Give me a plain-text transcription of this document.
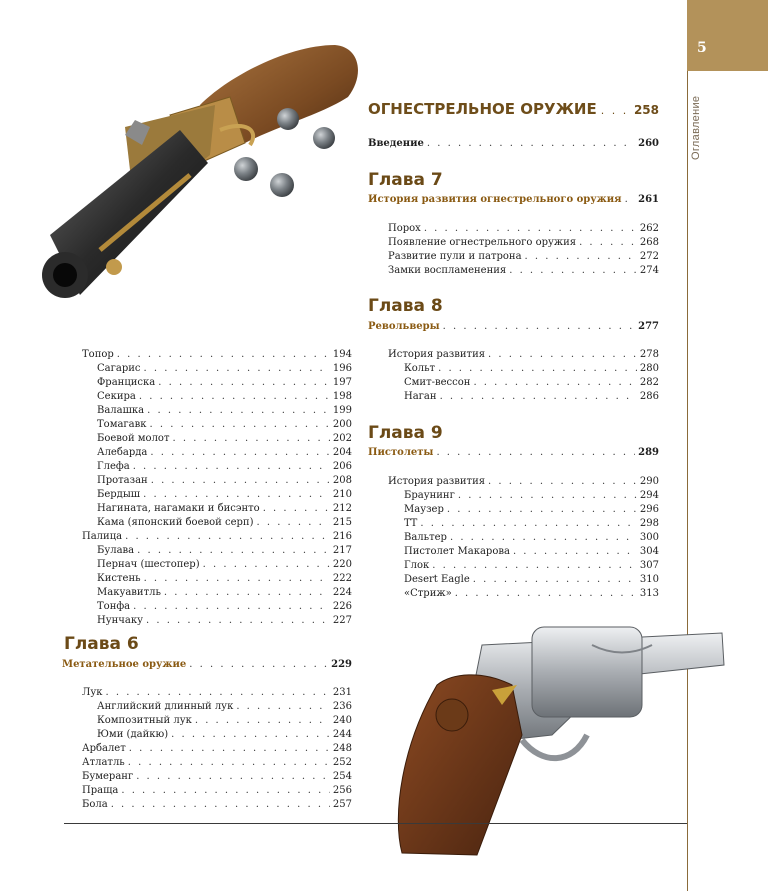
5
Оглавление
ОГНЕСТРЕЛЬНОЕ ОРУЖИЕ . . .	258
Введение . . .	260
Глава 7
История развития огнестрельного оружия . . . 261
Порох . . .	262
Появление огнестрельного оружия . . .	268
Развитие пули и патрона . . .	272
Замки воспламенения . . .	274
Глава 8
Револьверы . . .	277
История развития . . .	278
Кольт . . .	280
Смит-вессон . . .	282
Наган . . .	286
Глава 9
Пистолеты . . .	289
История развития . . .	290
Браунинг . . .	294
Маузер . . .	296
ТТ . . .	298
Вальтер . . .	300
Пистолет Макарова . . .	304
Глок . . .	307
Desert Eagle . . .	310
«Стриж» . . .	313
Топор . . .	194
Сагарис . . .	196
Франциска . . .	197
Секира . . .	198
Валашка . . .	199
Томагавк . . .	200
Боевой молот . . .	202
Алебарда . . .	204
Глефа . . .	206
Протазан . . .	208
Бердыш . . .	210
Нагината, нагамаки и бисэнто . . .	212
Кама (японский боевой серп) . . .	215
Палица . . .	216
Булава . . .	217
Пернач (шестопер) . . .	220
Кистень . . .	222
Макуавитль . . .	224
Тонфа . . .	226
Нунчаку . . .	227
Глава 6
Метательное оружие . . .	229
Лук . . .	231
Английский длинный лук . . .	236
Композитный лук . . .	240
Юми (дайкю) . . .	244
Арбалет . . .	248
Атлатль . . .	252
Бумеранг . . .	254
Праща . . .	256
Бола . . .	257
